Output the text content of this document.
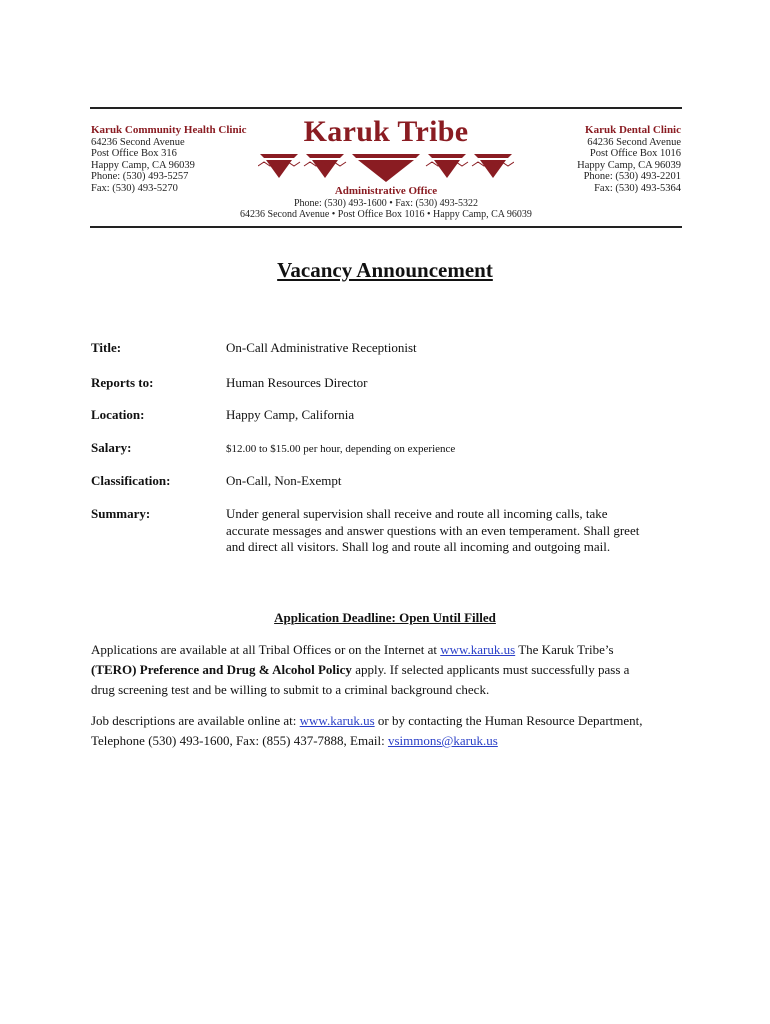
Karuk Community Health Clinic
64236 Second Avenue
Post Office Box 316
Happy Camp, CA 96039
Phone: (530) 493-5257
Fax: (530) 493-5270
Karuk Tribe
Administrative Office
Phone: (530) 493-1600 • Fax: (530) 493-5322
64236 Second Avenue • Post Office Box 1016 • Happy Camp, CA 96039
Karuk Dental Clinic
64236 Second Avenue
Post Office Box 1016
Happy Camp, CA 96039
Phone: (530) 493-2201
Fax: (530) 493-5364
Vacancy Announcement
Title:	On-Call Administrative Receptionist
Reports to:	Human Resources Director
Location:	Happy Camp, California
Salary:	$12.00 to $15.00 per hour, depending on experience
Classification:	On-Call, Non-Exempt
Summary:	Under general supervision shall receive and route all incoming calls, take
accurate messages and answer questions with an even temperament. Shall greet
and direct all visitors. Shall log and route all incoming and outgoing mail.
Application Deadline: Open Until Filled
Applications are available at all Tribal Offices or on the Internet at www.karuk.us The Karuk Tribe’s
(TERO) Preference and Drug & Alcohol Policy apply. If selected applicants must successfully pass a
drug screening test and be willing to submit to a criminal background check.
Job descriptions are available online at: www.karuk.us or by contacting the Human Resource Department,
Telephone (530) 493-1600, Fax: (855) 437-7888, Email: vsimmons@karuk.us
